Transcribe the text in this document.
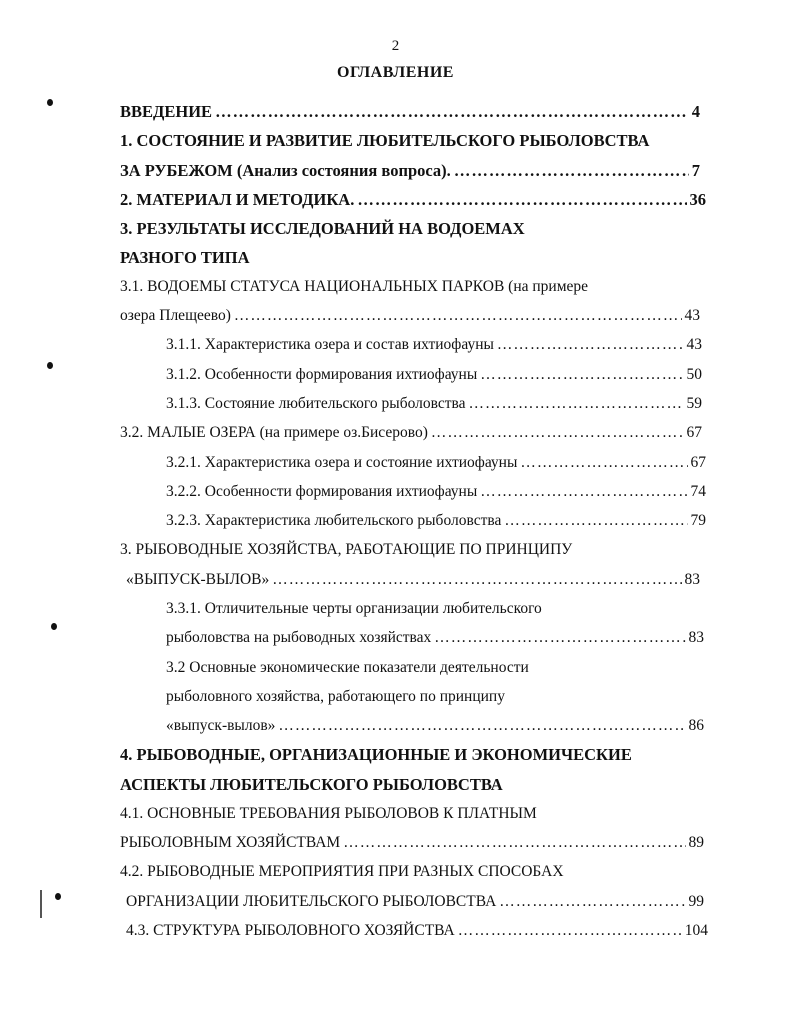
2
ОГЛАВЛЕНИЕ
ВВЕДЕНИЕ …………………………………………………………………………………………………………………………………………………………………………	4
1. СОСТОЯНИЕ И РАЗВИТИЕ ЛЮБИТЕЛЬСКОГО РЫБОЛОВСТВА
ЗА РУБЕЖОМ (Анализ состояния вопроса). …………………………………………………………………………………………………………………………………………………………………………	7
2. МАТЕРИАЛ И МЕТОДИКА. …………………………………………………………………………………………………………………………………………………………………………	36
3. РЕЗУЛЬТАТЫ ИССЛЕДОВАНИЙ НА ВОДОЕМАХ
РАЗНОГО ТИПА
3.1. ВОДОЕМЫ СТАТУСА НАЦИОНАЛЬНЫХ ПАРКОВ (на примере
озера Плещеево) …………………………………………………………………………………………………………………………………………………………………………	43
3.1.1. Характеристика озера и состав ихтиофауны …………………………………………………………………………………………………………………………………………………………………………	43
3.1.2. Особенности формирования ихтиофауны …………………………………………………………………………………………………………………………………………………………………………	50
3.1.3. Состояние любительского рыболовства …………………………………………………………………………………………………………………………………………………………………………	59
3.2. МАЛЫЕ ОЗЕРА (на примере оз.Бисерово) …………………………………………………………………………………………………………………………………………………………………………	67
3.2.1. Характеристика озера и состояние ихтиофауны …………………………………………………………………………………………………………………………………………………………………………	67
3.2.2. Особенности формирования ихтиофауны …………………………………………………………………………………………………………………………………………………………………………	74
3.2.3. Характеристика любительского рыболовства …………………………………………………………………………………………………………………………………………………………………………	79
3. РЫБОВОДНЫЕ ХОЗЯЙСТВА, РАБОТАЮЩИЕ ПО ПРИНЦИПУ
«ВЫПУСК-ВЫЛОВ» …………………………………………………………………………………………………………………………………………………………………………	83
3.3.1. Отличительные черты организации любительского
рыболовства на рыбоводных хозяйствах …………………………………………………………………………………………………………………………………………………………………………	83
3.2 Основные экономические показатели деятельности
рыболовного хозяйства, работающего по принципу
«выпуск-вылов» …………………………………………………………………………………………………………………………………………………………………………	86
4. РЫБОВОДНЫЕ, ОРГАНИЗАЦИОННЫЕ И ЭКОНОМИЧЕСКИЕ
АСПЕКТЫ ЛЮБИТЕЛЬСКОГО РЫБОЛОВСТВА
4.1. ОСНОВНЫЕ ТРЕБОВАНИЯ РЫБОЛОВОВ К ПЛАТНЫМ
РЫБОЛОВНЫМ ХОЗЯЙСТВАМ …………………………………………………………………………………………………………………………………………………………………………	89
4.2. РЫБОВОДНЫЕ МЕРОПРИЯТИЯ ПРИ РАЗНЫХ СПОСОБАХ
ОРГАНИЗАЦИИ ЛЮБИТЕЛЬСКОГО РЫБОЛОВСТВА …………………………………………………………………………………………………………………………………………………………………………	99
4.3. СТРУКТУРА РЫБОЛОВНОГО ХОЗЯЙСТВА …………………………………………………………………………………………………………………………………………………………………………	104
